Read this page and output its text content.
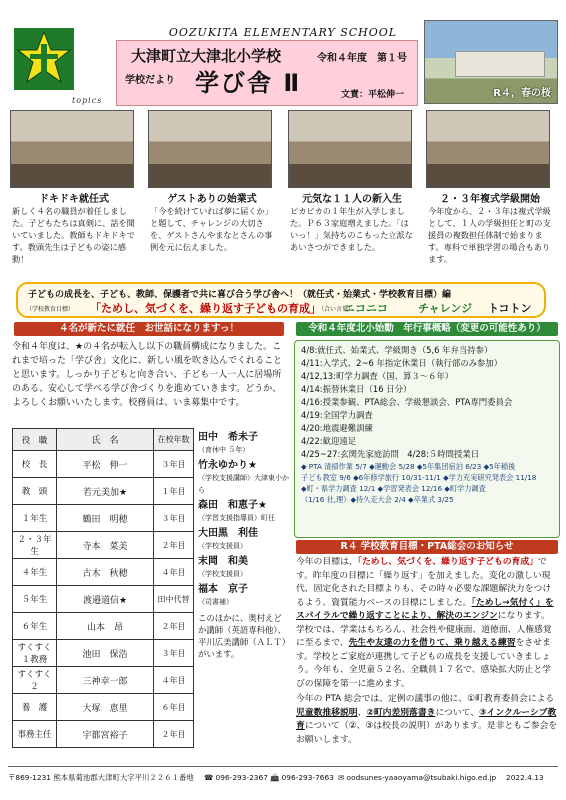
topics
OOZUKITA ELEMENTARY SCHOOL
大津町立大津北小学校	令和４年度　第１号
学校だより 学び舎 Ⅱ	文責：平松伸一	R４，春の桜
ドキドキ就任式
新しく４名の職員が着任しました。子どもたちは真剣に、話を聞いていました。教師もドキドキです。教頭先生は子どもの姿に感動！
ゲストありの始業式
「今を続けていれば夢に届くか」と題して、チャレンジの大切さを、ゲストさんやまなとさんの事例を元に伝えました。
元気な１１人の新入生
ピカピカの１年生が入学しました。Ｐ６３家庭増えました。「はいっ！」気持ちのこもった立派なあいさつができました。
２・３年複式学級開始
今年度から、２・３年は複式学級として、１人の学級担任と町の支援員の複数担任体制で始まります。専科で単独学習の場合もあります。
子どもの成長を、子ども、教師、保護者で共に喜び合う学び舎へ！（就任式・始業式・学校教育目標）編
（学校教育目標） 「ためし、気づくを、繰り返す子どもの育成」
（合い言葉）
ニコニコ	チャレンジ トコトン
４名が新たに就任　お世話になりますっ！
令和４年度は、★の４名が転入し以下の職員構成になりました。これまで培った「学び舎」文化に、新しい風を吹き込んでくれることと思います。しっかり子どもと向き合い、子ども一人一人に居場所のある、安心して学べる学び舎づくりを進めていきます。どうか、よろしくお願いいたします。校務員は、いま募集中です。
役　職	氏　名	在校年数
校　長	平松　伸一	３年目
教　頭	若元美加★	１年目
１年生	鶴田　明穂	３年目
２・３年生	寺本　菜美	２年目
４年生	古木　秋穂	４年目
５年生	渡邉道信★	田中代替
６年生	山本　昂	２年目
すくすく１教務	池田　保浩	３年目
すくすく２	三神幸一郎	４年目
養　護	大塚　恵里	６年目
事務主任	宇都宮裕子	２年目
田中　希未子
（育休中 ５年）
竹永ゆかり★
（学校支援講師）大津東小から
森田　和恵子★
（学習支援指導員）町任
大田黒　利佳
（学校支援員）
末岡　和美
（学校支援員）
福本　京子
（司書補）
このほかに、奥村えどか講師（英語専科他）、平川広美講師（ＡＬＴ）がいます。
令和４年度北小始動　年行事概略（変更の可能性あり）
4/8:就任式、始業式、学級開き（5,6 年弁当持参）
4/11:入学式、2~6 年指定休業日（執行部のみ参加）
4/12,13:町学力調査（国、算３～６年）
4/14:振替休業日（16 日分）
4/16:授業参観、PTA総会、学級懇談会、PTA専門委員会
4/19:全国学力調査
4/20:地震避難訓練
4/22:歓迎遠足
4/25~27:玄関先家庭訪問　4/28:５時間授業日
◆ PTA 清掃作業 5/7 ◆運動会 5/28 ◆5年集団宿泊 6/23 ◆5年稲後
子ども教室 9/6 ◆6年修学旅行 10/31-11/1 ◆学力充実研究発表会 11/18
◆町・県学力調査 12/1 ◆学習発表会 12/16 ◆町学力調査
（1/16 社,理）◆持久走大会 2/4 ◆卒業式 3/25
R４ 学校教育目標・PTA総会のお知らせ

今年の目標は、「ためし、気づくを、繰り返す子どもの育成」です。昨年度の目標に「繰り返す」を加えました。変化の激しい現代、固定化された目標よりも、その時々必要な課題解決力をつけるよう、資質能力ベースの目標にしました。「ためし→気付く」をスパイラルで繰り返すことにより、解決のエンジンになります。学校では、学業はもちろん、社会性や健康面、道徳面、人権感覚に至るまで、先生や友達の力を借りて、乗り越える練習をさせます。学校とご家庭が連携して子どもの成長を支援していきましょう。今年も、全児童５２名、全職員１７名で、感染拡大防止と学びの保障を第一に進めます。

今年の PTA 総会では、定例の議事の他に、①町教育委員会による児童数推移説明、②町内差別落書きについて、③インクルーシブ教育について（②、③は校長の説明）があります。是非ともご参会をお願いします。

〒869-1231 熊本県菊池郡大津町大字平川２２６１番地 ☎ 096-293-2367 📠 096-293-7663 ✉ oodsunes-yaaoyama@tsubaki.higo.ed.jp 2022.4.13
